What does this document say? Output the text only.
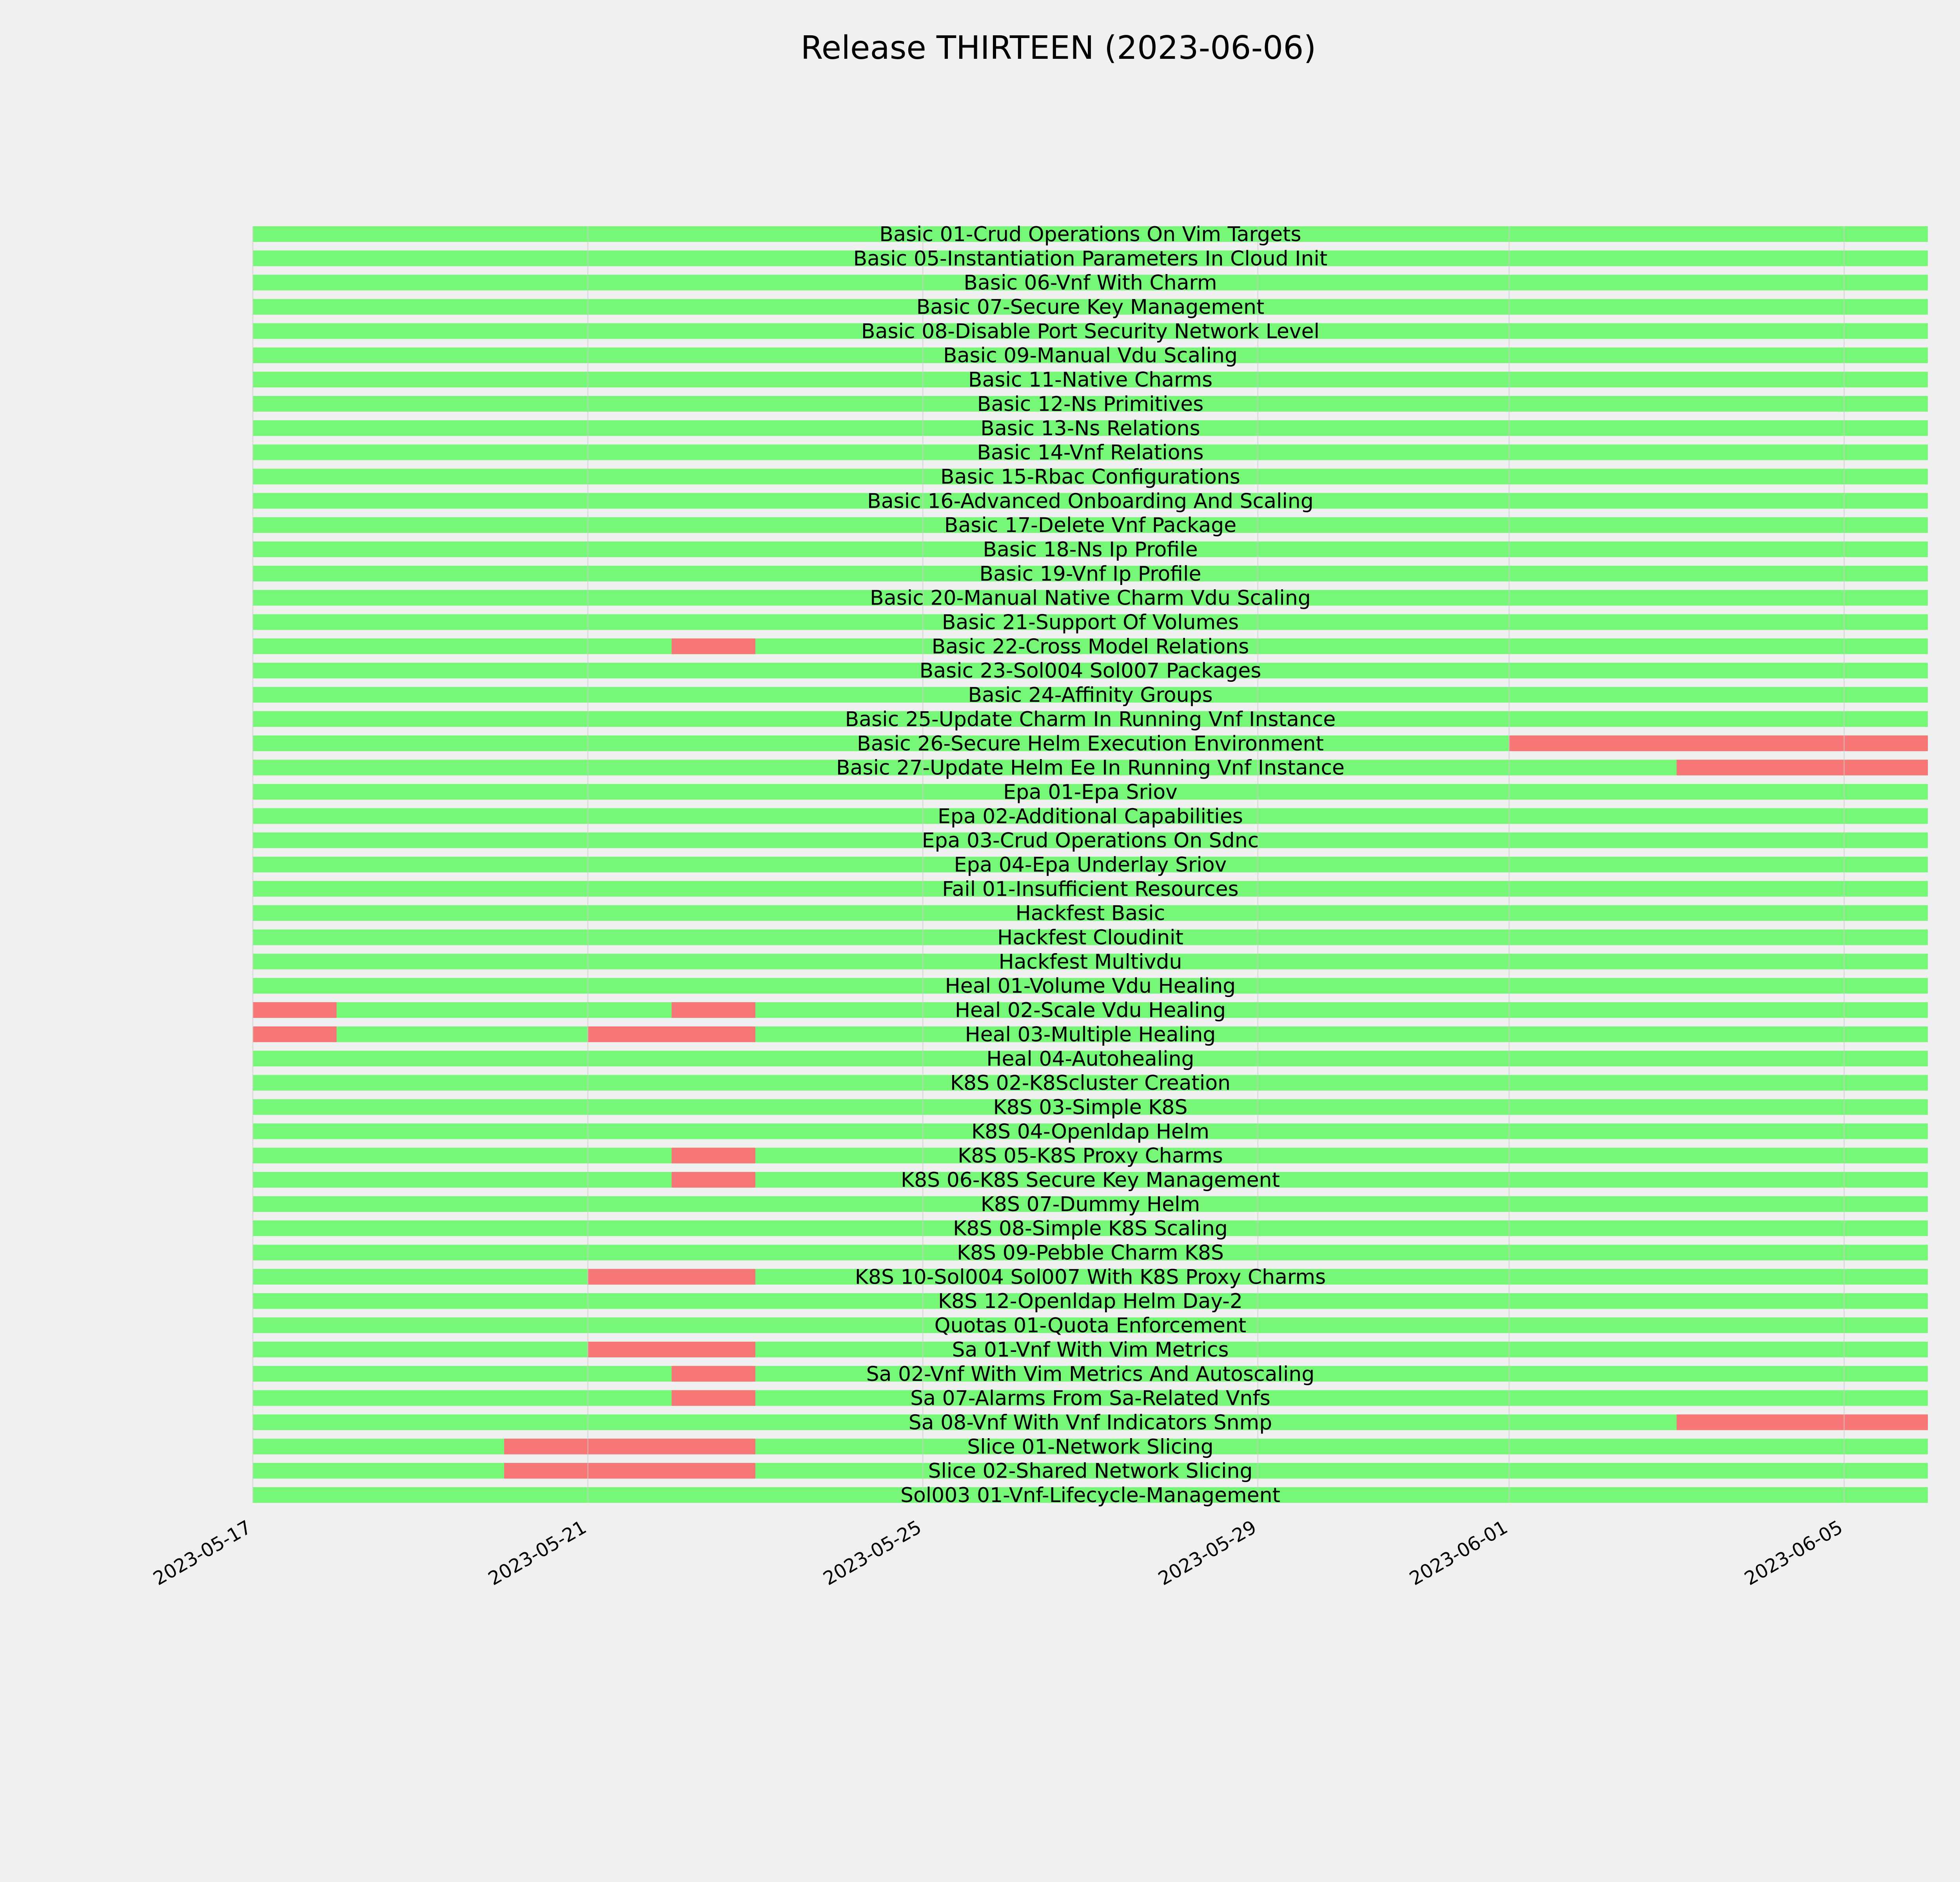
Release THIRTEEN (2023-06-06)
Basic 01-Crud Operations On Vim Targets
Basic 05-Instantiation Parameters In Cloud Init
Basic 06-Vnf With Charm
Basic 07-Secure Key Management
Basic 08-Disable Port Security Network Level
Basic 09-Manual Vdu Scaling
Basic 11-Native Charms
Basic 12-Ns Primitives
Basic 13-Ns Relations
Basic 14-Vnf Relations
Basic 15-Rbac Configurations
Basic 16-Advanced Onboarding And Scaling
Basic 17-Delete Vnf Package
Basic 18-Ns Ip Profile
Basic 19-Vnf Ip Profile
Basic 20-Manual Native Charm Vdu Scaling
Basic 21-Support Of Volumes
Basic 22-Cross Model Relations
Basic 23-Sol004 Sol007 Packages
Basic 24-Affinity Groups
Basic 25-Update Charm In Running Vnf Instance
Basic 26-Secure Helm Execution Environment
Basic 27-Update Helm Ee In Running Vnf Instance
Epa 01-Epa Sriov
Epa 02-Additional Capabilities
Epa 03-Crud Operations On Sdnc
Epa 04-Epa Underlay Sriov
Fail 01-Insufficient Resources
Hackfest Basic
Hackfest Cloudinit
Hackfest Multivdu
Heal 01-Volume Vdu Healing
Heal 02-Scale Vdu Healing
Heal 03-Multiple Healing
Heal 04-Autohealing
K8S 02-K8Scluster Creation
K8S 03-Simple K8S
K8S 04-Openldap Helm
K8S 05-K8S Proxy Charms
K8S 06-K8S Secure Key Management
K8S 07-Dummy Helm
K8S 08-Simple K8S Scaling
K8S 09-Pebble Charm K8S
K8S 10-Sol004 Sol007 With K8S Proxy Charms
K8S 12-Openldap Helm Day-2
Quotas 01-Quota Enforcement
Sa 01-Vnf With Vim Metrics
Sa 02-Vnf With Vim Metrics And Autoscaling
Sa 07-Alarms From Sa-Related Vnfs
Sa 08-Vnf With Vnf Indicators Snmp
Slice 01-Network Slicing
Slice 02-Shared Network Slicing
Sol003 01-Vnf-Lifecycle-Management
2023-05-17	2023-05-21	2023-05-25	2023-05-29	2023-06-01	2023-06-05
